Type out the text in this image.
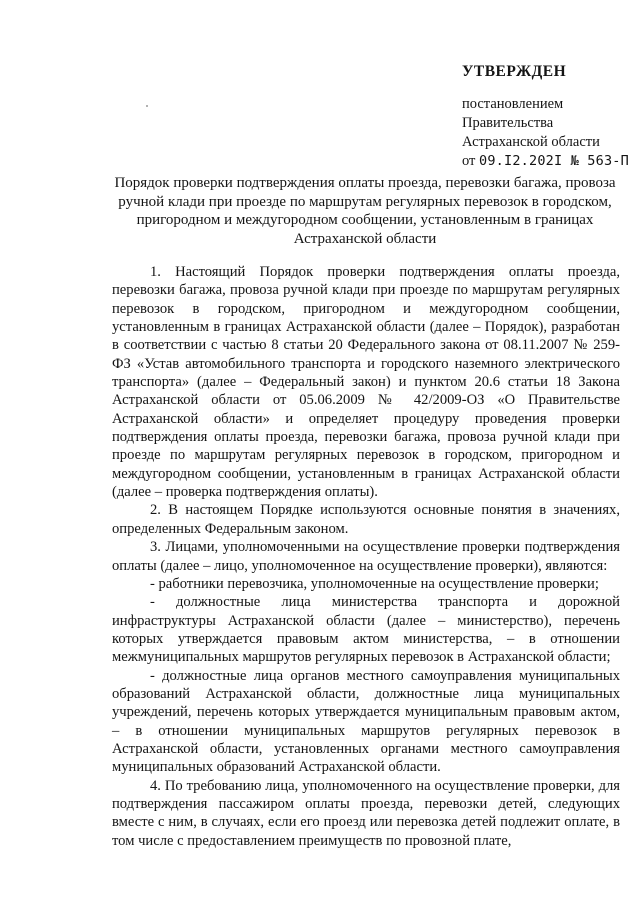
УТВЕРЖДЕН
постановлением
Правительства
Астраханской области
от 09.I2.202I № 563-П
Порядок проверки подтверждения оплаты проезда, перевозки багажа, провоза ручной клади при проезде по маршрутам регулярных перевозок в городском, пригородном и междугородном сообщении, установленным в границах Астраханской области

1. Настоящий Порядок проверки подтверждения оплаты проезда, перевозки багажа, провоза ручной клади при проезде по маршрутам регулярных перевозок в городском, пригородном и междугородном сообщении, установленным в границах Астраханской области (далее – Порядок), разработан в соответствии с частью 8 статьи 20 Федерального закона от 08.11.2007 № 259-ФЗ «Устав автомобильного транспорта и городского наземного электрического транспорта» (далее – Федеральный закон) и пунктом 20.6 статьи 18 Закона Астраханской области от 05.06.2009 № 42/2009-ОЗ «О Правительстве Астраханской области» и определяет процедуру проведения проверки подтверждения оплаты проезда, перевозки багажа, провоза ручной клади при проезде по маршрутам регулярных перевозок в городском, пригородном и междугородном сообщении, установленным в границах Астраханской области (далее – проверка подтверждения оплаты).

2. В настоящем Порядке используются основные понятия в значениях, определенных Федеральным законом.

3. Лицами, уполномоченными на осуществление проверки подтверждения оплаты (далее – лицо, уполномоченное на осуществление проверки), являются:

- работники перевозчика, уполномоченные на осуществление проверки;

- должностные лица министерства транспорта и дорожной инфраструктуры Астраханской области (далее – министерство), перечень которых утверждается правовым актом министерства, – в отношении межмуниципальных маршрутов регулярных перевозок в Астраханской области;

- должностные лица органов местного самоуправления муниципальных образований Астраханской области, должностные лица муниципальных учреждений, перечень которых утверждается муниципальным правовым актом, – в отношении муниципальных маршрутов регулярных перевозок в Астраханской области, установленных органами местного самоуправления муниципальных образований Астраханской области.

4. По требованию лица, уполномоченного на осуществление проверки, для подтверждения пассажиром оплаты проезда, перевозки детей, следующих вместе с ним, в случаях, если его проезд или перевозка детей подлежит оплате, в том числе с предоставлением преимуществ по провозной плате,
